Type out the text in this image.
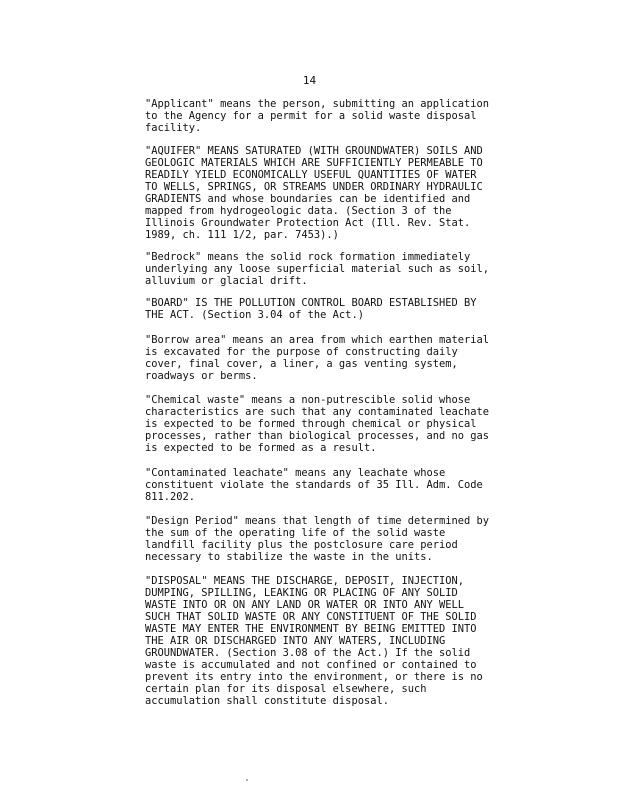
14

"Applicant" means the person, submitting an application
to the Agency for a permit for a solid waste disposal
facility.

"AQUIFER" MEANS SATURATED (WITH GROUNDWATER) SOILS AND
GEOLOGIC MATERIALS WHICH ARE SUFFICIENTLY PERMEABLE TO
READILY YIELD ECONOMICALLY USEFUL QUANTITIES OF WATER
TO WELLS, SPRINGS, OR STREAMS UNDER ORDINARY HYDRAULIC
GRADIENTS and whose boundaries can be identified and
mapped from hydrogeologic data. (Section 3 of the
Illinois Groundwater Protection Act (Ill. Rev. Stat.
1989, ch. 111 1/2, par. 7453).)

"Bedrock" means the solid rock formation immediately
underlying any loose superficial material such as soil,
alluvium or glacial drift.

"BOARD" IS THE POLLUTION CONTROL BOARD ESTABLISHED BY
THE ACT. (Section 3.04 of the Act.)

"Borrow area" means an area from which earthen material
is excavated for the purpose of constructing daily
cover, final cover, a liner, a gas venting system,
roadways or berms.

"Chemical waste" means a non-putrescible solid whose
characteristics are such that any contaminated leachate
is expected to be formed through chemical or physical
processes, rather than biological processes, and no gas
is expected to be formed as a result.

"Contaminated leachate" means any leachate whose
constituent violate the standards of 35 Ill. Adm. Code
811.202.

"Design Period" means that length of time determined by
the sum of the operating life of the solid waste
landfill facility plus the postclosure care period
necessary to stabilize the waste in the units.

"DISPOSAL" MEANS THE DISCHARGE, DEPOSIT, INJECTION,
DUMPING, SPILLING, LEAKING OR PLACING OF ANY SOLID
WASTE INTO OR ON ANY LAND OR WATER OR INTO ANY WELL
SUCH THAT SOLID WASTE OR ANY CONSTITUENT OF THE SOLID
WASTE MAY ENTER THE ENVIRONMENT BY BEING EMITTED INTO
THE AIR OR DISCHARGED INTO ANY WATERS, INCLUDING
GROUNDWATER. (Section 3.08 of the Act.) If the solid
waste is accumulated and not confined or contained to
prevent its entry into the environment, or there is no
certain plan for its disposal elsewhere, such
accumulation shall constitute disposal.
